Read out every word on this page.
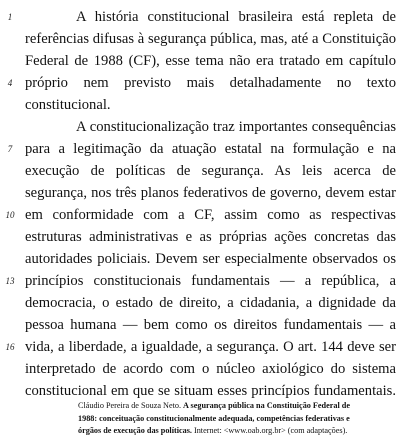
1
4
7
10
13
16
A história constitucional brasileira está repleta de
referências difusas à segurança pública, mas, até a Constituição
Federal de 1988 (CF), esse tema não era tratado em capítulo
próprio nem previsto mais detalhadamente no texto
constitucional.
A constitucionalização traz importantes consequências
para a legitimação da atuação estatal na formulação e na
execução de políticas de segurança. As leis acerca de
segurança, nos três planos federativos de governo, devem estar
em conformidade com a CF, assim como as respectivas
estruturas administrativas e as próprias ações concretas das
autoridades policiais. Devem ser especialmente observados os
princípios constitucionais fundamentais — a república, a
democracia, o estado de direito, a cidadania, a dignidade da
pessoa humana — bem como os direitos fundamentais — a
vida, a liberdade, a igualdade, a segurança. O art. 144 deve ser
interpretado de acordo com o núcleo axiológico do sistema
constitucional em que se situam esses princípios fundamentais.
Cláudio Pereira de Souza Neto. A segurança pública na Constituição Federal de
1988: conceituação constitucionalmente adequada, competências federativas e
órgãos de execução das políticas. Internet: <www.oab.org.br> (com adaptações).
